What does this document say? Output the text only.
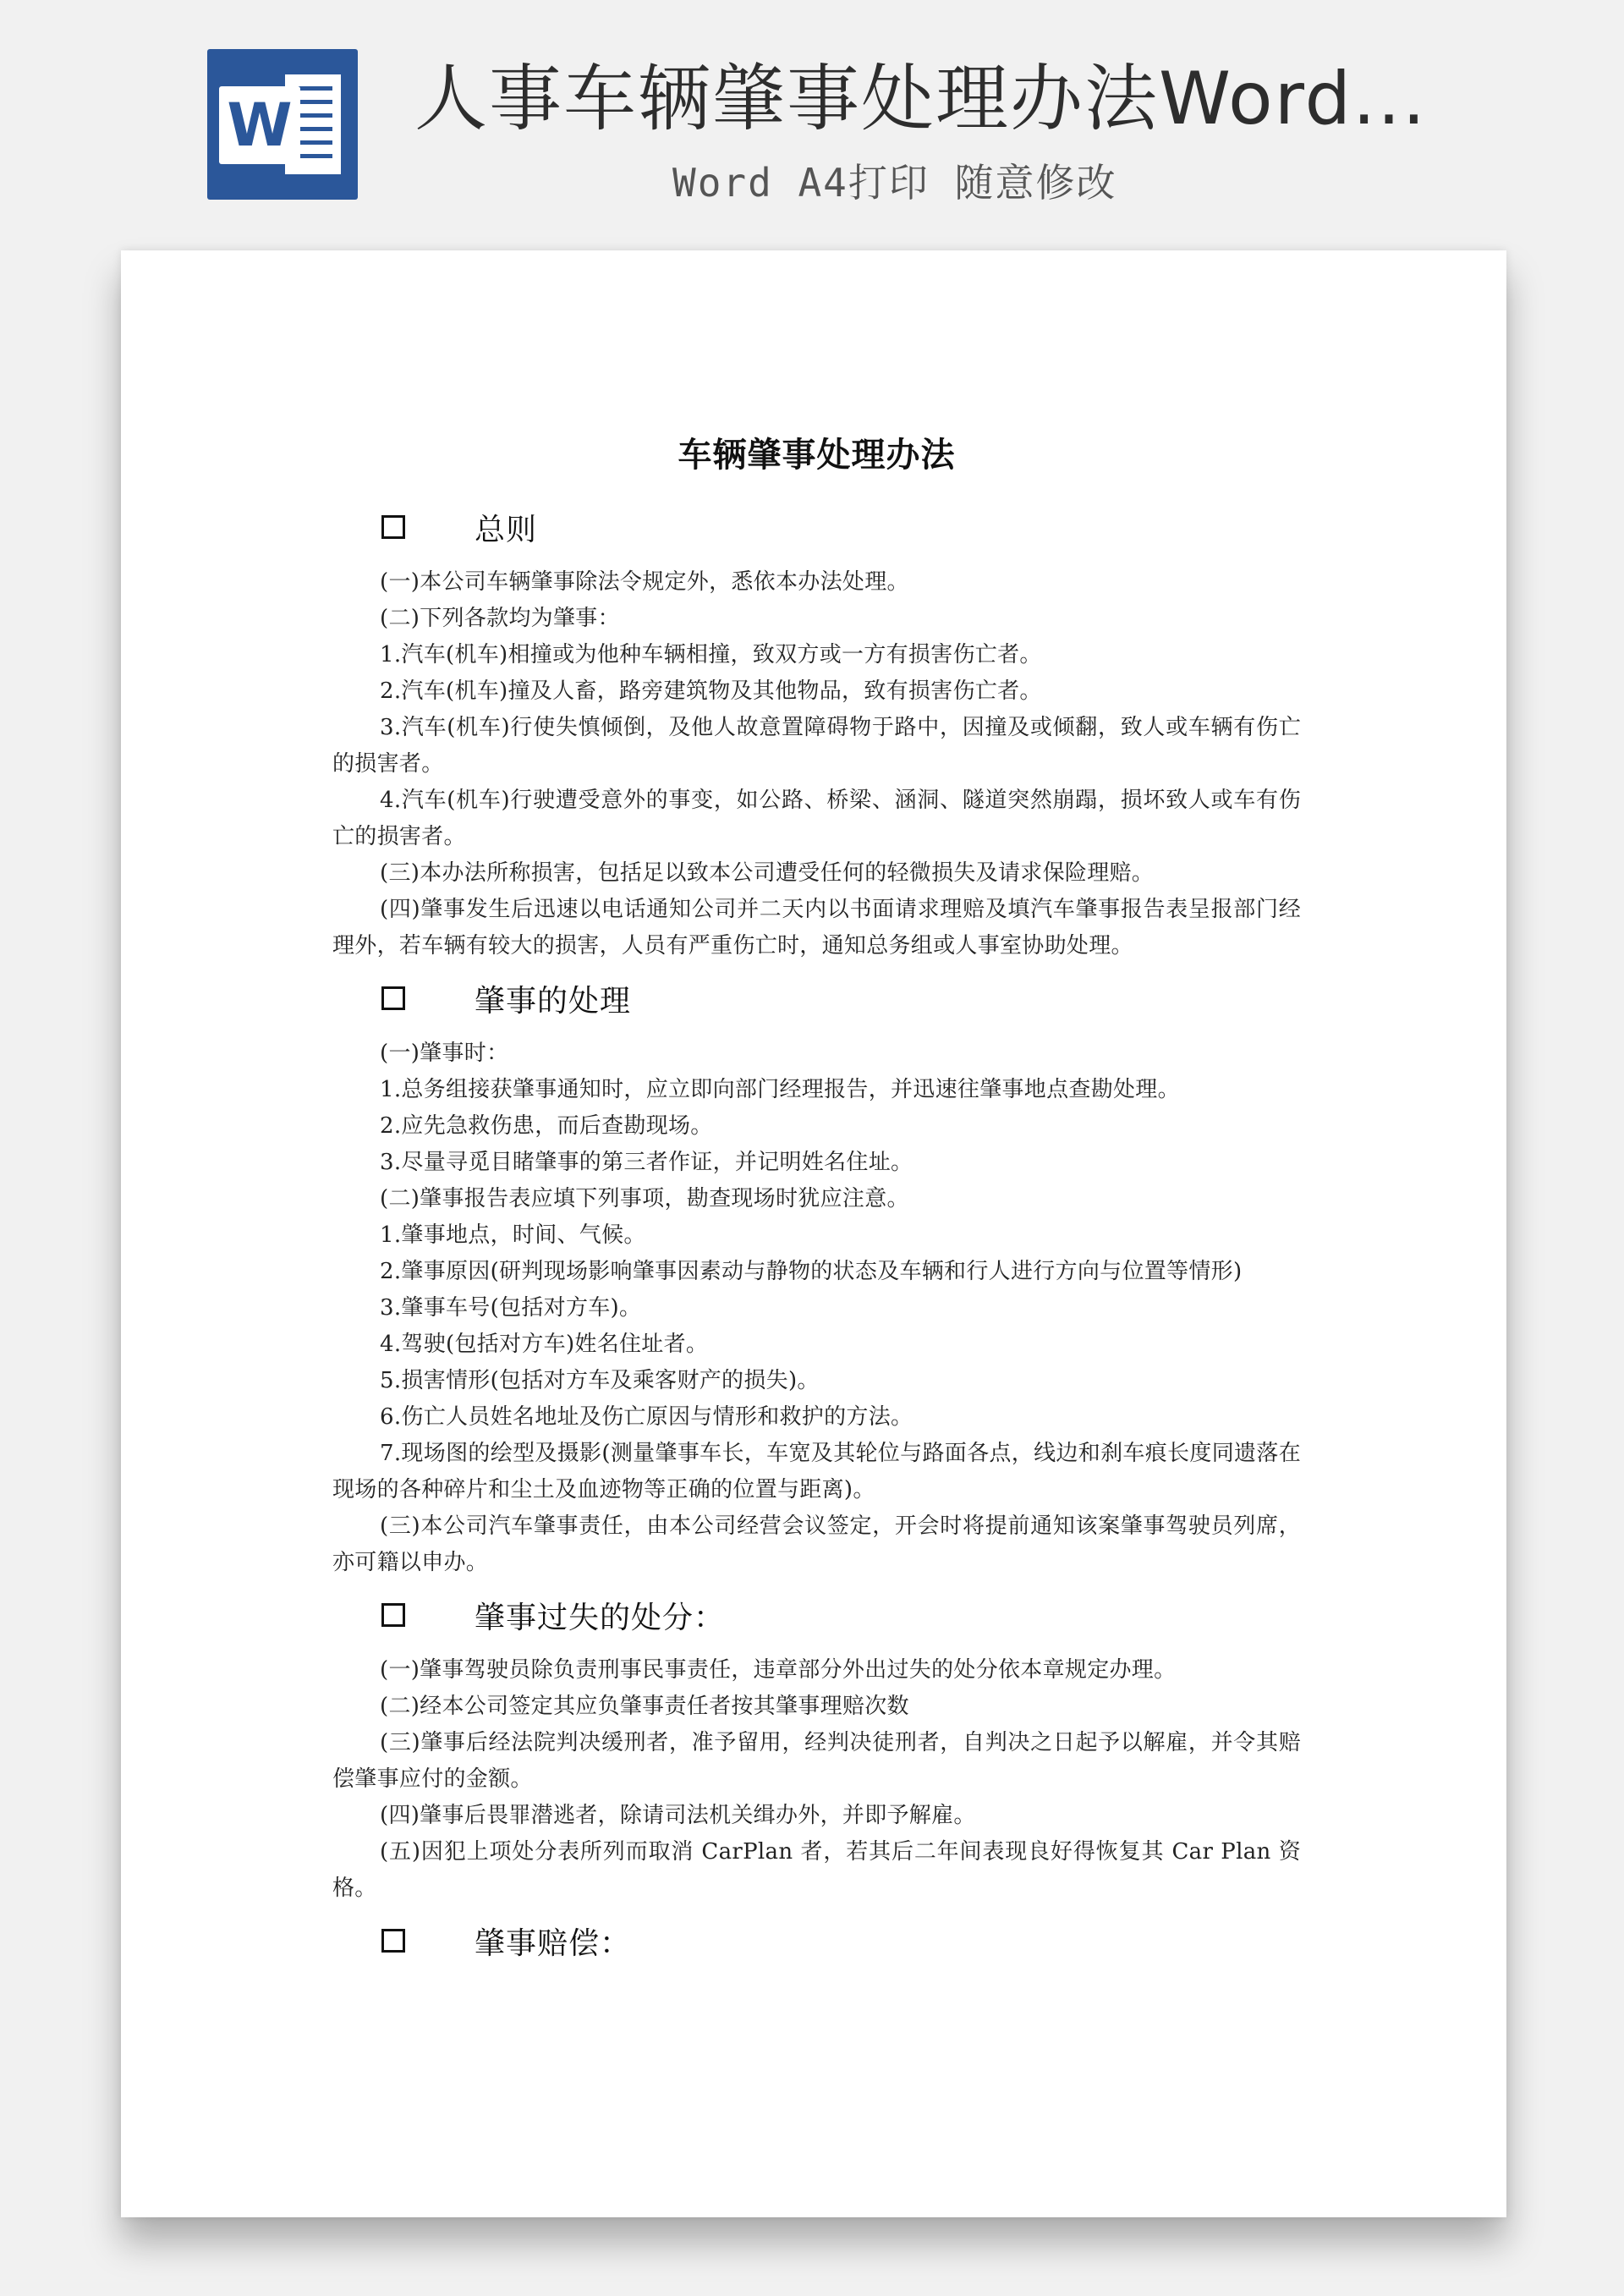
W 人事车辆肇事处理办法Word...
Word A4打印 随意修改
车辆肇事处理办法
总则

(一)本公司车辆肇事除法令规定外，悉依本办法处理。

(二)下列各款均为肇事：

1.汽车(机车)相撞或为他种车辆相撞，致双方或一方有损害伤亡者。

2.汽车(机车)撞及人畜，路旁建筑物及其他物品，致有损害伤亡者。

3.汽车(机车)行使失慎倾倒，及他人故意置障碍物于路中，因撞及或倾翻，致人或车辆有伤亡的损害者。

4.汽车(机车)行驶遭受意外的事变，如公路、桥梁、涵洞、隧道突然崩蹋，损坏致人或车有伤亡的损害者。

(三)本办法所称损害，包括足以致本公司遭受任何的轻微损失及请求保险理赔。

(四)肇事发生后迅速以电话通知公司并二天内以书面请求理赔及填汽车肇事报告表呈报部门经理外，若车辆有较大的损害，人员有严重伤亡时，通知总务组或人事室协助处理。

肇事的处理

(一)肇事时：

1.总务组接获肇事通知时，应立即向部门经理报告，并迅速往肇事地点查勘处理。

2.应先急救伤患，而后查勘现场。

3.尽量寻觅目睹肇事的第三者作证，并记明姓名住址。

(二)肇事报告表应填下列事项，勘查现场时犹应注意。

1.肇事地点，时间、气候。

2.肇事原因(研判现场影响肇事因素动与静物的状态及车辆和行人进行方向与位置等情形)

3.肇事车号(包括对方车)。

4.驾驶(包括对方车)姓名住址者。

5.损害情形(包括对方车及乘客财产的损失)。

6.伤亡人员姓名地址及伤亡原因与情形和救护的方法。

7.现场图的绘型及摄影(测量肇事车长，车宽及其轮位与路面各点，线边和刹车痕长度同遗落在现场的各种碎片和尘土及血迹物等正确的位置与距离)。

(三)本公司汽车肇事责任，由本公司经营会议签定，开会时将提前通知该案肇事驾驶员列席，亦可籍以申办。

肇事过失的处分：

(一)肇事驾驶员除负责刑事民事责任，违章部分外出过失的处分依本章规定办理。

(二)经本公司签定其应负肇事责任者按其肇事理赔次数

(三)肇事后经法院判决缓刑者，准予留用，经判决徒刑者，自判决之日起予以解雇，并令其赔偿肇事应付的金额。

(四)肇事后畏罪潜逃者，除请司法机关缉办外，并即予解雇。

(五)因犯上项处分表所列而取消 CarPlan 者，若其后二年间表现良好得恢复其 Car Plan 资格。

肇事赔偿：
